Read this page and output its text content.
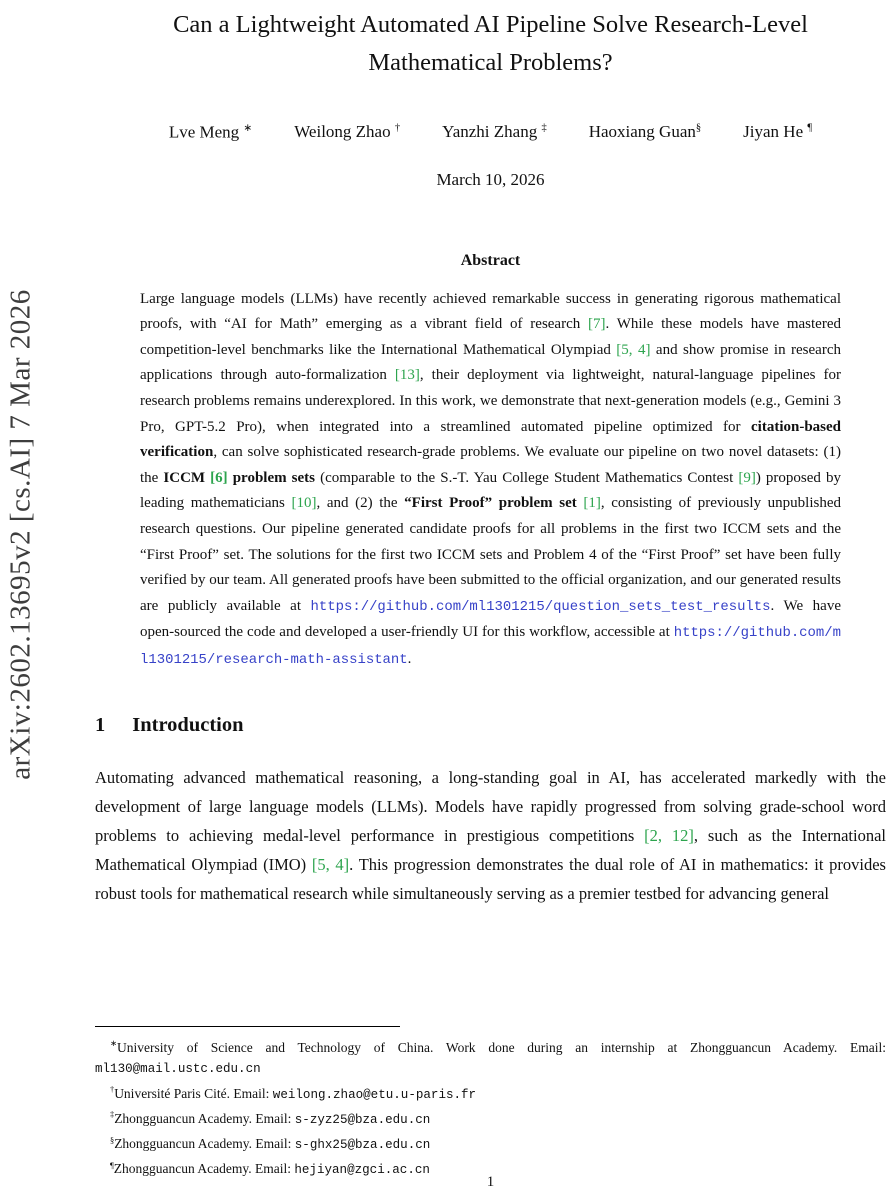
arXiv:2602.13695v2 [cs.AI] 7 Mar 2026
Can a Lightweight Automated AI Pipeline Solve Research-Level
Mathematical Problems?
Lve Meng ∗ Weilong Zhao † Yanzhi Zhang ‡ Haoxiang Guan§ Jiyan He ¶
March 10, 2026
Abstract

Large language models (LLMs) have recently achieved remarkable success in generating rigorous mathematical proofs, with “AI for Math” emerging as a vibrant field of research [7]. While these models have mastered competition-level benchmarks like the International Mathematical Olympiad [5, 4] and show promise in research applications through auto-formalization [13], their deployment via lightweight, natural-language pipelines for research problems remains underexplored. In this work, we demonstrate that next-generation models (e.g., Gemini 3 Pro, GPT-5.2 Pro), when integrated into a streamlined automated pipeline optimized for citation-based verification, can solve sophisticated research-grade problems. We evaluate our pipeline on two novel datasets: (1) the ICCM [6] problem sets (comparable to the S.-T. Yau College Student Mathematics Contest [9]) proposed by leading mathematicians [10], and (2) the “First Proof” problem set [1], consisting of previously unpublished research questions. Our pipeline generated candidate proofs for all problems in the first two ICCM sets and the “First Proof” set. The solutions for the first two ICCM sets and Problem 4 of the “First Proof” set have been fully verified by our team. All generated proofs have been submitted to the official organization, and our generated results are publicly available at https://github.com/ml1301215/question_sets_test_results. We have open-sourced the code and developed a user-friendly UI for this workflow, accessible at https://github.com/ml1301215/research-math-assistant.

1 Introduction

Automating advanced mathematical reasoning, a long-standing goal in AI, has accelerated markedly with the development of large language models (LLMs). Models have rapidly progressed from solving grade-school word problems to achieving medal-level performance in prestigious competitions [2, 12], such as the International Mathematical Olympiad (IMO) [5, 4]. This progression demonstrates the dual role of AI in mathematics: it provides robust tools for mathematical research while simultaneously serving as a premier testbed for advancing general

∗University of Science and Technology of China. Work done during an internship at Zhongguancun Academy. Email: ml130@mail.ustc.edu.cn

†Université Paris Cité. Email: weilong.zhao@etu.u-paris.fr

‡Zhongguancun Academy. Email: s-zyz25@bza.edu.cn

§Zhongguancun Academy. Email: s-ghx25@bza.edu.cn

¶Zhongguancun Academy. Email: hejiyan@zgci.ac.cn

1
